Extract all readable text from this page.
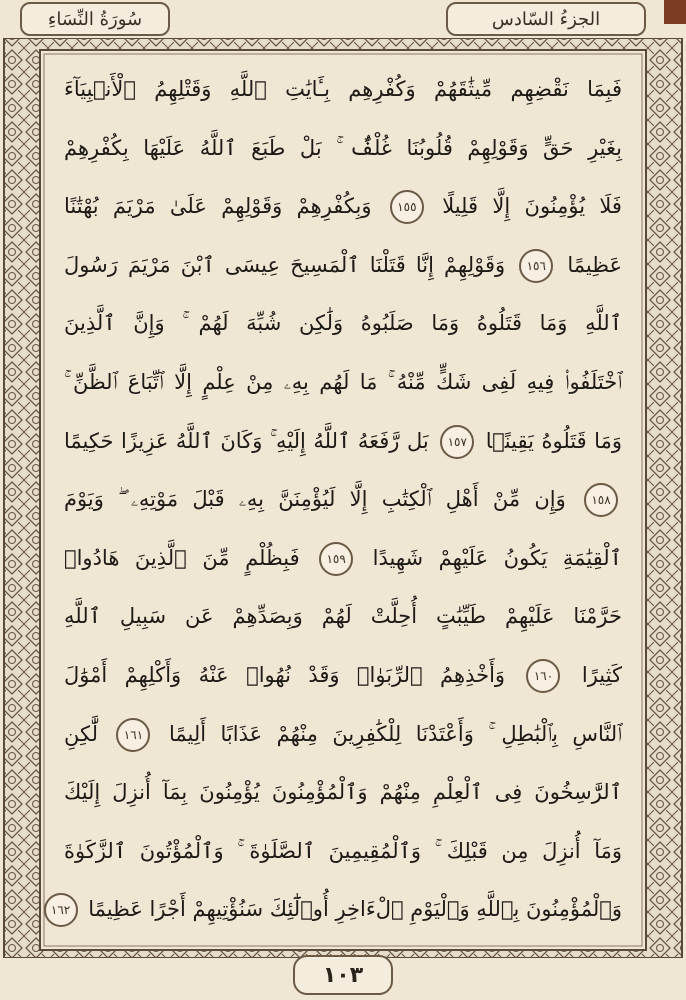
الجزءُ السّادس
سُورَةُ النِّسَاءِ
فَبِمَا نَقْضِهِم مِّيثَٰقَهُمْ وَكُفْرِهِم بِـَٔايَٰتِ ٱللَّهِ وَقَتْلِهِمُ ٱلْأَنۢبِيَآءَ
بِغَيْرِ حَقٍّ وَقَوْلِهِمْ قُلُوبُنَا غُلْفٌۢ ۚ بَلْ طَبَعَ ٱللَّهُ عَلَيْهَا بِكُفْرِهِمْ
فَلَا يُؤْمِنُونَ إِلَّا قَلِيلًا ١٥٥ وَبِكُفْرِهِمْ وَقَوْلِهِمْ عَلَىٰ مَرْيَمَ بُهْتَٰنًا
عَظِيمًا ١٥٦ وَقَوْلِهِمْ إِنَّا قَتَلْنَا ٱلْمَسِيحَ عِيسَى ٱبْنَ مَرْيَمَ رَسُولَ
ٱللَّهِ وَمَا قَتَلُوهُ وَمَا صَلَبُوهُ وَلَٰكِن شُبِّهَ لَهُمْ ۚ وَإِنَّ ٱلَّذِينَ
ٱخْتَلَفُوا۟ فِيهِ لَفِى شَكٍّ مِّنْهُ ۚ مَا لَهُم بِهِۦ مِنْ عِلْمٍ إِلَّا ٱتِّبَاعَ ٱلظَّنِّ ۚ
وَمَا قَتَلُوهُ يَقِينًۢا ١٥٧ بَل رَّفَعَهُ ٱللَّهُ إِلَيْهِ ۚ وَكَانَ ٱللَّهُ عَزِيزًا حَكِيمًا
١٥٨ وَإِن مِّنْ أَهْلِ ٱلْكِتَٰبِ إِلَّا لَيُؤْمِنَنَّ بِهِۦ قَبْلَ مَوْتِهِۦ ۖ وَيَوْمَ
ٱلْقِيَٰمَةِ يَكُونُ عَلَيْهِمْ شَهِيدًا ١٥٩ فَبِظُلْمٍ مِّنَ ٱلَّذِينَ هَادُوا۟
حَرَّمْنَا عَلَيْهِمْ طَيِّبَٰتٍ أُحِلَّتْ لَهُمْ وَبِصَدِّهِمْ عَن سَبِيلِ ٱللَّهِ
كَثِيرًا ١٦٠ وَأَخْذِهِمُ ٱلرِّبَوٰا۟ وَقَدْ نُهُوا۟ عَنْهُ وَأَكْلِهِمْ أَمْوَٰلَ
ٱلنَّاسِ بِٱلْبَٰطِلِ ۚ وَأَعْتَدْنَا لِلْكَٰفِرِينَ مِنْهُمْ عَذَابًا أَلِيمًا ١٦١ لَّٰكِنِ
ٱلرَّٰسِخُونَ فِى ٱلْعِلْمِ مِنْهُمْ وَٱلْمُؤْمِنُونَ يُؤْمِنُونَ بِمَآ أُنزِلَ إِلَيْكَ
وَمَآ أُنزِلَ مِن قَبْلِكَ ۚ وَٱلْمُقِيمِينَ ٱلصَّلَوٰةَ ۚ وَٱلْمُؤْتُونَ ٱلزَّكَوٰةَ
وَٱلْمُؤْمِنُونَ بِٱللَّهِ وَٱلْيَوْمِ ٱلْءَاخِرِ أُو۟لَٰٓئِكَ سَنُؤْتِيهِمْ أَجْرًا عَظِيمًا ١٦٢
١٠٣
